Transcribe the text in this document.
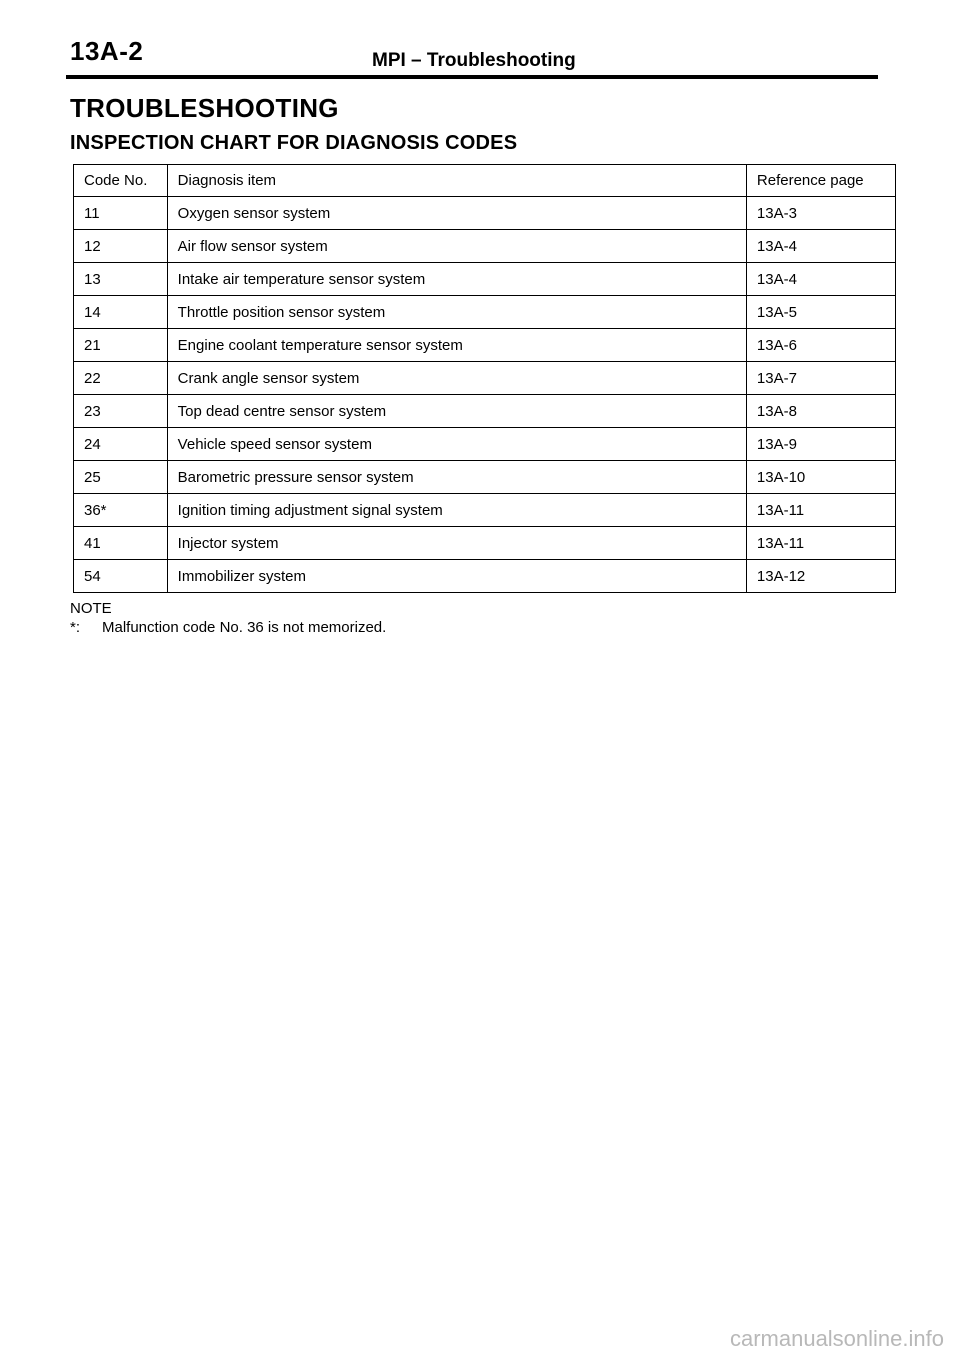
13A-2	MPI – Troubleshooting
TROUBLESHOOTING
INSPECTION CHART FOR DIAGNOSIS CODES
Code No.	Diagnosis item	Reference page
11	Oxygen sensor system	13A-3
12	Air flow sensor system	13A-4
13	Intake air temperature sensor system	13A-4
14	Throttle position sensor system	13A-5
21	Engine coolant temperature sensor system	13A-6
22	Crank angle sensor system	13A-7
23	Top dead centre sensor system	13A-8
24	Vehicle speed sensor system	13A-9
25	Barometric pressure sensor system	13A-10
36*	Ignition timing adjustment signal system	13A-11
41	Injector system	13A-11
54	Immobilizer system	13A-12
NOTE
*:	Malfunction code No. 36 is not memorized.
carmanualsonline.info
